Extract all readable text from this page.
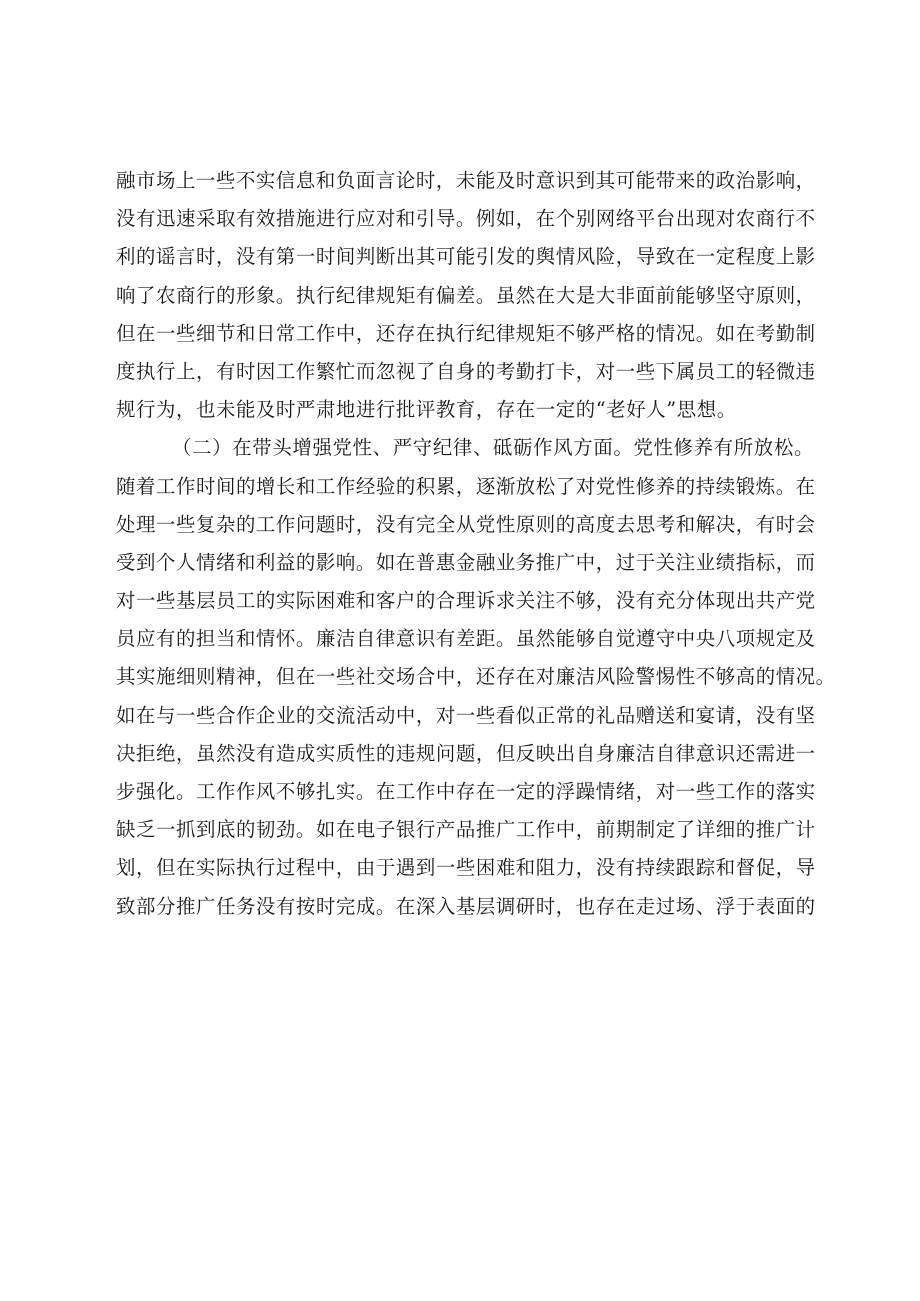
融市场上一些不实信息和负面言论时，未能及时意识到其可能带来的政治影响，
没有迅速采取有效措施进行应对和引导。例如，在个别网络平台出现对农商行不
利的谣言时，没有第一时间判断出其可能引发的舆情风险，导致在一定程度上影
响了农商行的形象。执行纪律规矩有偏差。虽然在大是大非面前能够坚守原则，
但在一些细节和日常工作中，还存在执行纪律规矩不够严格的情况。如在考勤制
度执行上，有时因工作繁忙而忽视了自身的考勤打卡，对一些下属员工的轻微违
规行为，也未能及时严肃地进行批评教育，存在一定的“老好人”思想。
（二）在带头增强党性、严守纪律、砥砺作风方面。党性修养有所放松。
随着工作时间的增长和工作经验的积累，逐渐放松了对党性修养的持续锻炼。在
处理一些复杂的工作问题时，没有完全从党性原则的高度去思考和解决，有时会
受到个人情绪和利益的影响。如在普惠金融业务推广中，过于关注业绩指标，而
对一些基层员工的实际困难和客户的合理诉求关注不够，没有充分体现出共产党
员应有的担当和情怀。廉洁自律意识有差距。虽然能够自觉遵守中央八项规定及
其实施细则精神，但在一些社交场合中，还存在对廉洁风险警惕性不够高的情况。
如在与一些合作企业的交流活动中，对一些看似正常的礼品赠送和宴请，没有坚
决拒绝，虽然没有造成实质性的违规问题，但反映出自身廉洁自律意识还需进一
步强化。工作作风不够扎实。在工作中存在一定的浮躁情绪，对一些工作的落实
缺乏一抓到底的韧劲。如在电子银行产品推广工作中，前期制定了详细的推广计
划，但在实际执行过程中，由于遇到一些困难和阻力，没有持续跟踪和督促，导
致部分推广任务没有按时完成。在深入基层调研时，也存在走过场、浮于表面的
